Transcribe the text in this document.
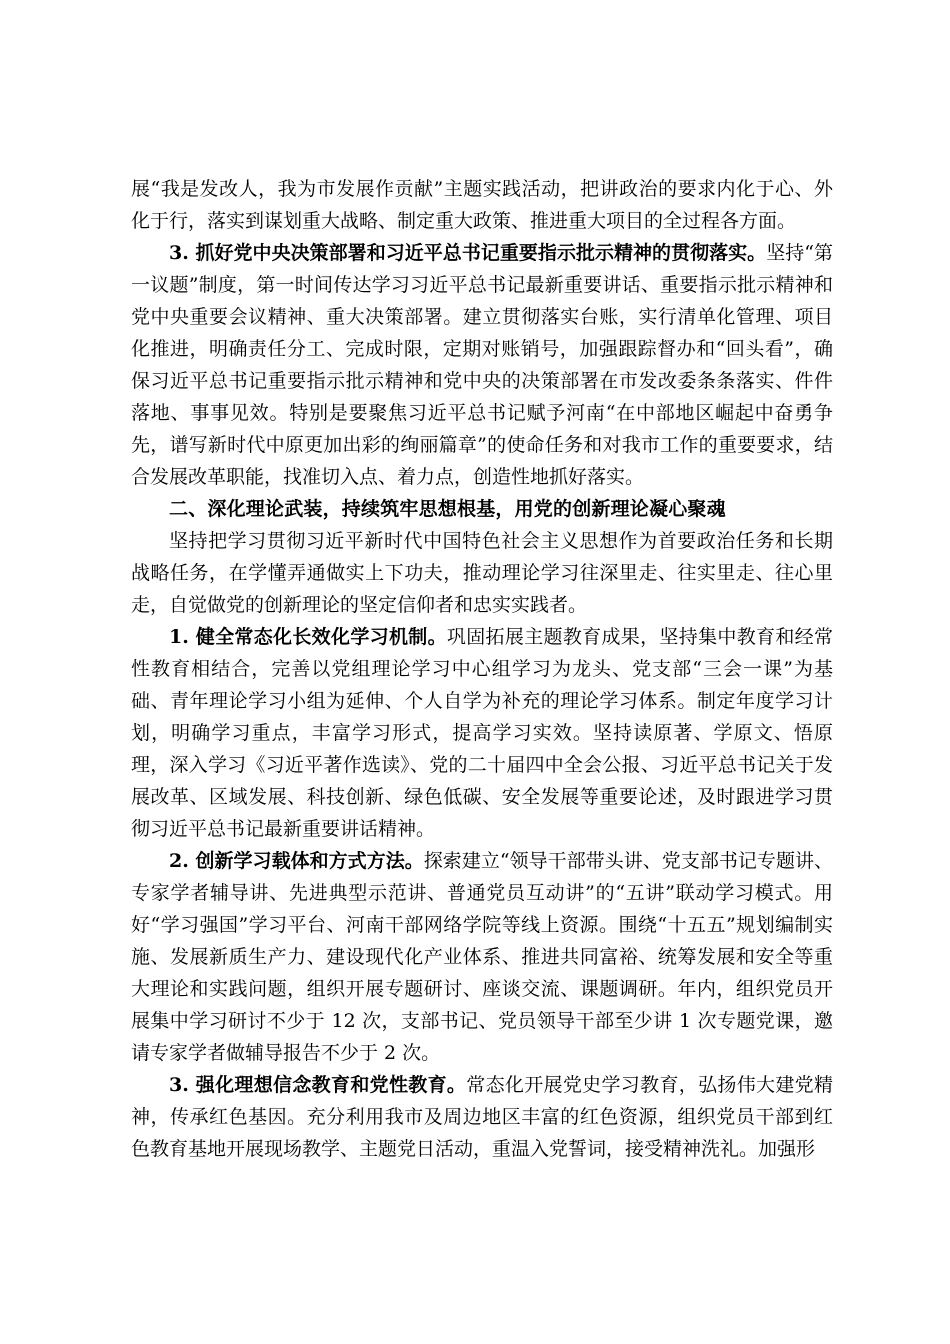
展“我是发改人，我为市发展作贡献”主题实践活动，把讲政治的要求内化于心、外化于行，落实到谋划重大战略、制定重大政策、推进重大项目的全过程各方面。

3. 抓好党中央决策部署和习近平总书记重要指示批示精神的贯彻落实。坚持“第一议题”制度，第一时间传达学习习近平总书记最新重要讲话、重要指示批示精神和党中央重要会议精神、重大决策部署。建立贯彻落实台账，实行清单化管理、项目化推进，明确责任分工、完成时限，定期对账销号，加强跟踪督办和“回头看”，确保习近平总书记重要指示批示精神和党中央的决策部署在市发改委条条落实、件件落地、事事见效。特别是要聚焦习近平总书记赋予河南“在中部地区崛起中奋勇争先，谱写新时代中原更加出彩的绚丽篇章”的使命任务和对我市工作的重要要求，结合发展改革职能，找准切入点、着力点，创造性地抓好落实。

二、深化理论武装，持续筑牢思想根基，用党的创新理论凝心聚魂

坚持把学习贯彻习近平新时代中国特色社会主义思想作为首要政治任务和长期战略任务，在学懂弄通做实上下功夫，推动理论学习往深里走、往实里走、往心里走，自觉做党的创新理论的坚定信仰者和忠实实践者。

1. 健全常态化长效化学习机制。巩固拓展主题教育成果，坚持集中教育和经常性教育相结合，完善以党组理论学习中心组学习为龙头、党支部“三会一课”为基础、青年理论学习小组为延伸、个人自学为补充的理论学习体系。制定年度学习计划，明确学习重点，丰富学习形式，提高学习实效。坚持读原著、学原文、悟原理，深入学习《习近平著作选读》、党的二十届四中全会公报、习近平总书记关于发展改革、区域发展、科技创新、绿色低碳、安全发展等重要论述，及时跟进学习贯彻习近平总书记最新重要讲话精神。

2. 创新学习载体和方式方法。探索建立“领导干部带头讲、党支部书记专题讲、专家学者辅导讲、先进典型示范讲、普通党员互动讲”的“五讲”联动学习模式。用好“学习强国”学习平台、河南干部网络学院等线上资源。围绕“十五五”规划编制实施、发展新质生产力、建设现代化产业体系、推进共同富裕、统筹发展和安全等重大理论和实践问题，组织开展专题研讨、座谈交流、课题调研。年内，组织党员开展集中学习研讨不少于 12 次，支部书记、党员领导干部至少讲 1 次专题党课，邀请专家学者做辅导报告不少于 2 次。

3. 强化理想信念教育和党性教育。常态化开展党史学习教育，弘扬伟大建党精神，传承红色基因。充分利用我市及周边地区丰富的红色资源，组织党员干部到红色教育基地开展现场教学、主题党日活动，重温入党誓词，接受精神洗礼。加强形
